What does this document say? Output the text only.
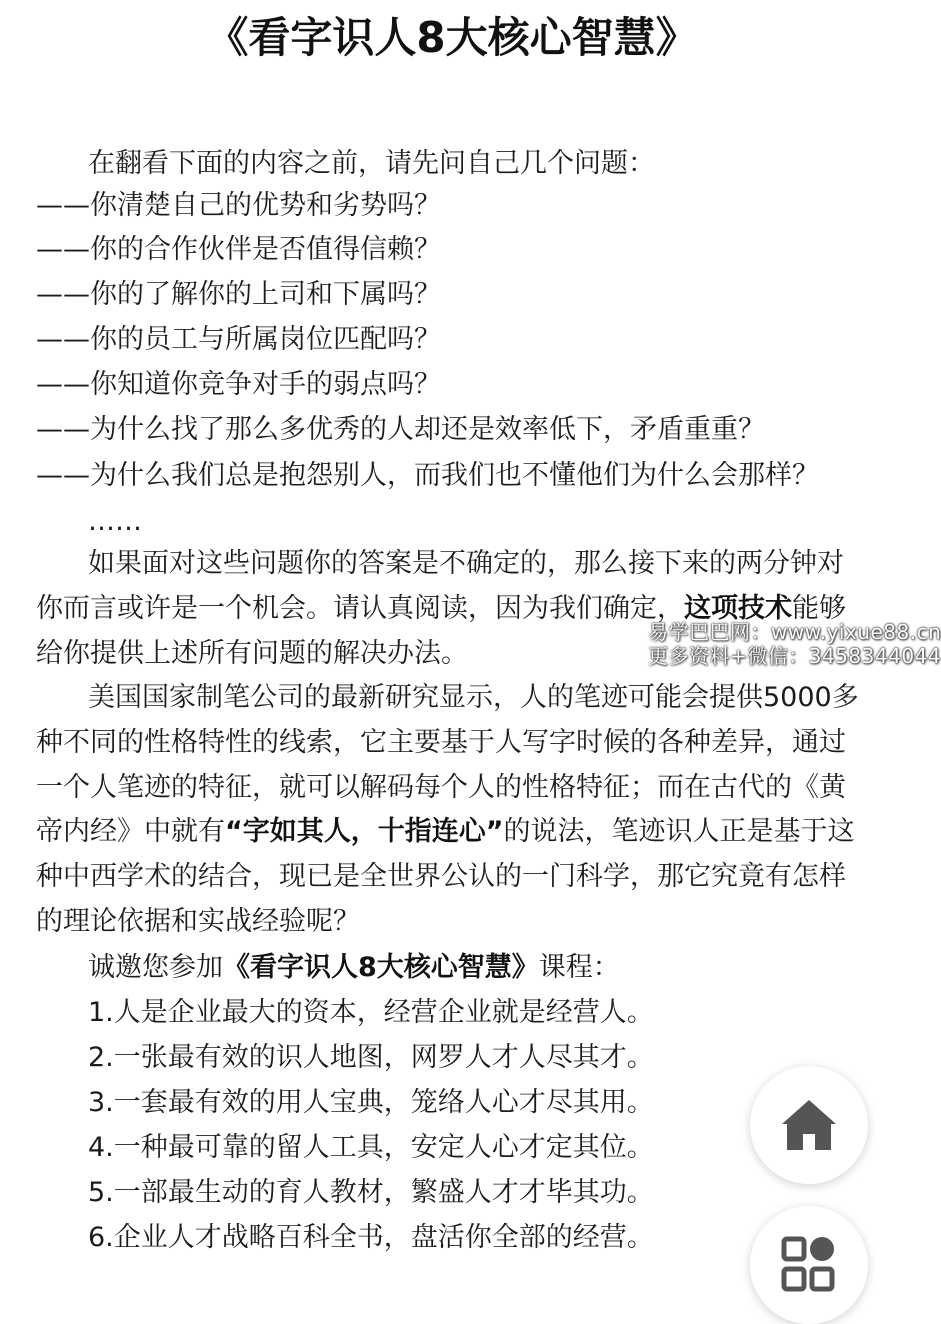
《看字识人8大核心智慧》
在翻看下面的内容之前，请先问自己几个问题：
——你清楚自己的优势和劣势吗？
——你的合作伙伴是否值得信赖？
——你的了解你的上司和下属吗？
——你的员工与所属岗位匹配吗？
——你知道你竞争对手的弱点吗？
——为什么找了那么多优秀的人却还是效率低下，矛盾重重？
——为什么我们总是抱怨别人，而我们也不懂他们为什么会那样？
……
如果面对这些问题你的答案是不确定的，那么接下来的两分钟对
你而言或许是一个机会。请认真阅读，因为我们确定，这项技术能够
给你提供上述所有问题的解决办法。
美国国家制笔公司的最新研究显示，人的笔迹可能会提供5000多
种不同的性格特性的线索，它主要基于人写字时候的各种差异，通过
一个人笔迹的特征，就可以解码每个人的性格特征；而在古代的《黄
帝内经》中就有“字如其人，十指连心”的说法，笔迹识人正是基于这
种中西学术的结合，现已是全世界公认的一门科学，那它究竟有怎样
的理论依据和实战经验呢？
诚邀您参加《看字识人8大核心智慧》课程：
1.人是企业最大的资本，经营企业就是经营人。
2.一张最有效的识人地图，网罗人才人尽其才。
3.一套最有效的用人宝典，笼络人心才尽其用。
4.一种最可靠的留人工具，安定人心才定其位。
5.一部最生动的育人教材，繁盛人才才毕其功。
6.企业人才战略百科全书，盘活你全部的经营。
易学巴巴网：www.yixue88.cn
更多资料+微信：3458344044
